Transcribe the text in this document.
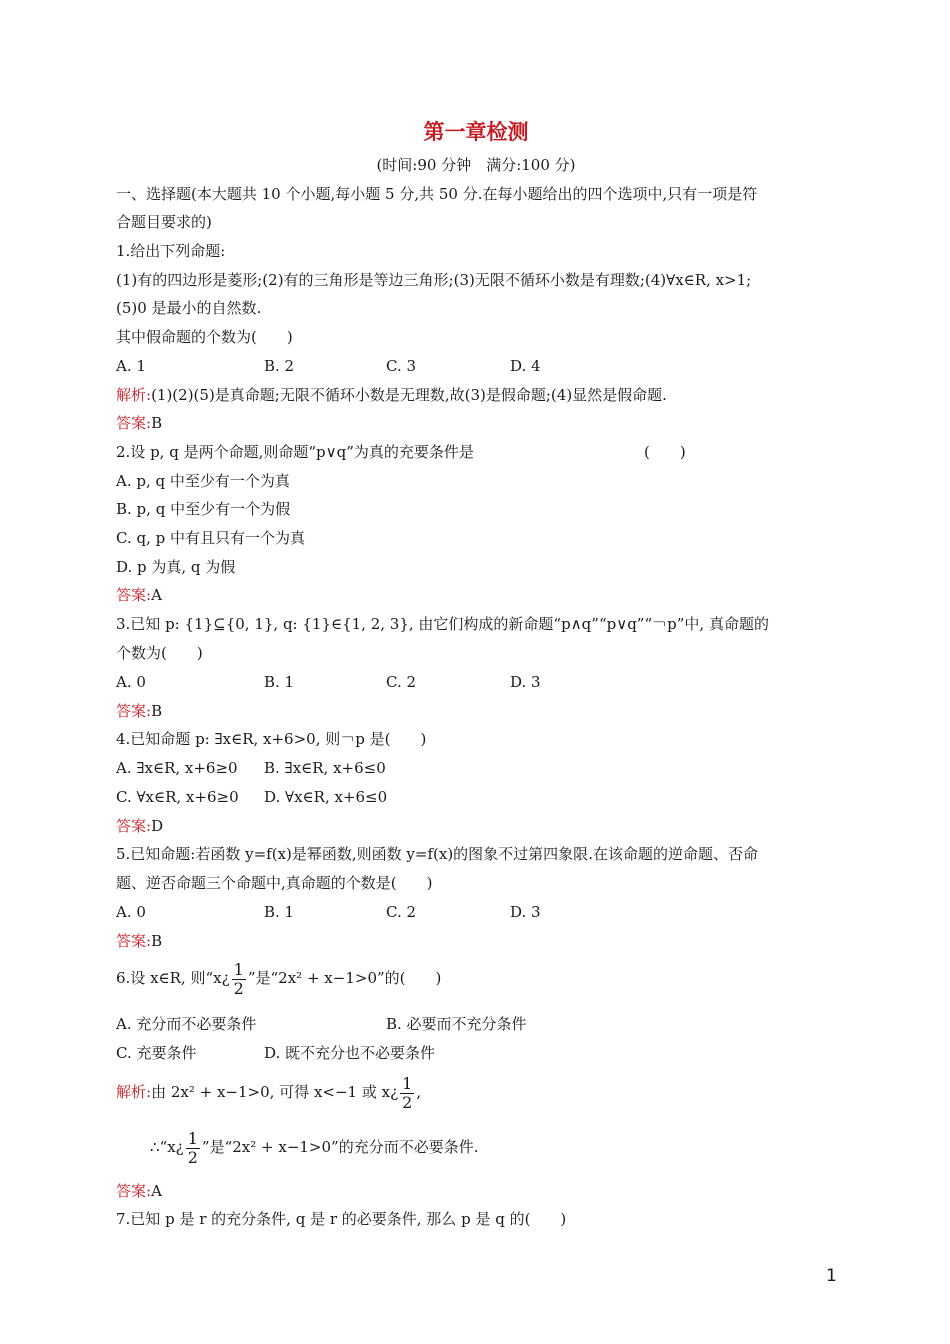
第一章检测
(时间:90 分钟　满分:100 分)
一、选择题(本大题共 10 个小题,每小题 5 分,共 50 分.在每小题给出的四个选项中,只有一项是符
合题目要求的)
1.给出下列命题:
(1)有的四边形是菱形;(2)有的三角形是等边三角形;(3)无限不循环小数是有理数;(4)∀x∈R, x>1;
(5)0 是最小的自然数.
其中假命题的个数为(　　)
A. 1	B. 2	C. 3	D. 4
解析:(1)(2)(5)是真命题;无限不循环小数是无理数,故(3)是假命题;(4)显然是假命题.
答案:B
2.设 p, q 是两个命题,则命题“p∨q”为真的充要条件是	(　　)
A. p, q 中至少有一个为真
B. p, q 中至少有一个为假
C. q, p 中有且只有一个为真
D. p 为真, q 为假
答案:A
3.已知 p: {1}⊆{0, 1}, q: {1}∈{1, 2, 3}, 由它们构成的新命题“p∧q”“p∨q”“￢p”中, 真命题的
个数为(　　)
A. 0	B. 1	C. 2	D. 3
答案:B
4.已知命题 p: ∃x∈R, x+6>0, 则￢p 是(　　)
A. ∃x∈R, x+6≥0 B. ∃x∈R, x+6≤0
C. ∀x∈R, x+6≥0 D. ∀x∈R, x+6≤0
答案:D
5.已知命题:若函数 y=f(x)是幂函数,则函数 y=f(x)的图象不过第四象限.在该命题的逆命题、否命
题、逆否命题三个命题中,真命题的个数是(　　)
A. 0	B. 1	C. 2	D. 3
答案:B
6.设 x∈R, 则“x¿ $\frac{1}{2}$ ”是“2x² + x−1>0”的(　　)
A. 充分而不必要条件	B. 必要而不充分条件
C. 充要条件	D. 既不充分也不必要条件
解析:由 2x² + x−1>0, 可得 x<−1 或 x¿ $\frac{1}{2}$ ,
∴“x¿ $\frac{1}{2}$ ”是“2x² + x−1>0”的充分而不必要条件.
答案:A
7.已知 p 是 r 的充分条件, q 是 r 的必要条件, 那么 p 是 q 的(　　)
1
